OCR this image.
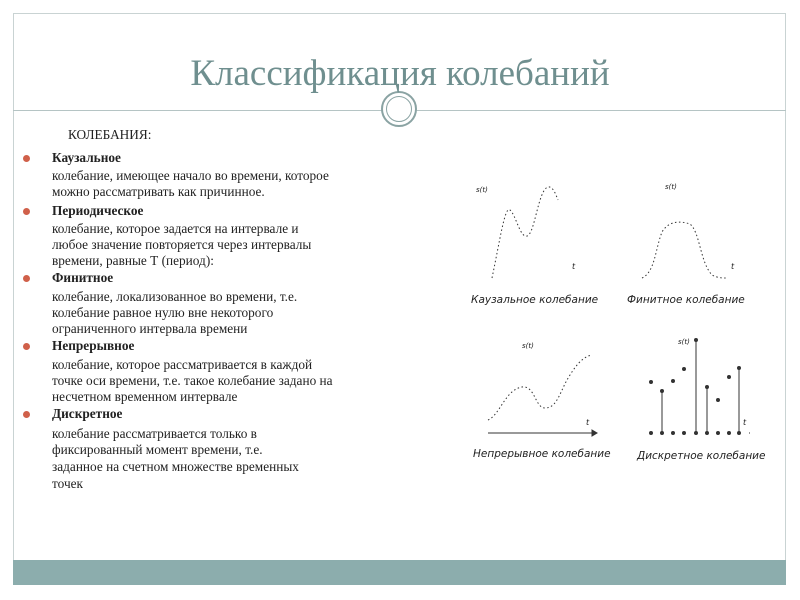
Классификация колебаний
КОЛЕБАНИЯ:
Каузальное
колебание, имеющее начало во времени, которое
можно рассматривать как причинное.
Периодическое
колебание, которое задается на интервале и
любое значение повторяется через интервалы
времени, равные Т (период):
Финитное
колебание, локализованное во времени, т.е.
колебание равное нулю вне некоторого
ограниченного интервала времени
Непрерывное
колебание, которое рассматривается в каждой
точке оси времени, т.е. такое колебание задано на
несчетном временном интервале
Дискретное
колебание рассматривается только в
фиксированный момент времени, т.е.
заданное на счетном множестве временных
точек
Каузальное колебание	Финитное колебание
Непрерывное колебание	Дискретное колебание
s(t)	s(t)
s(t)	s(t)
t	t
t	t
